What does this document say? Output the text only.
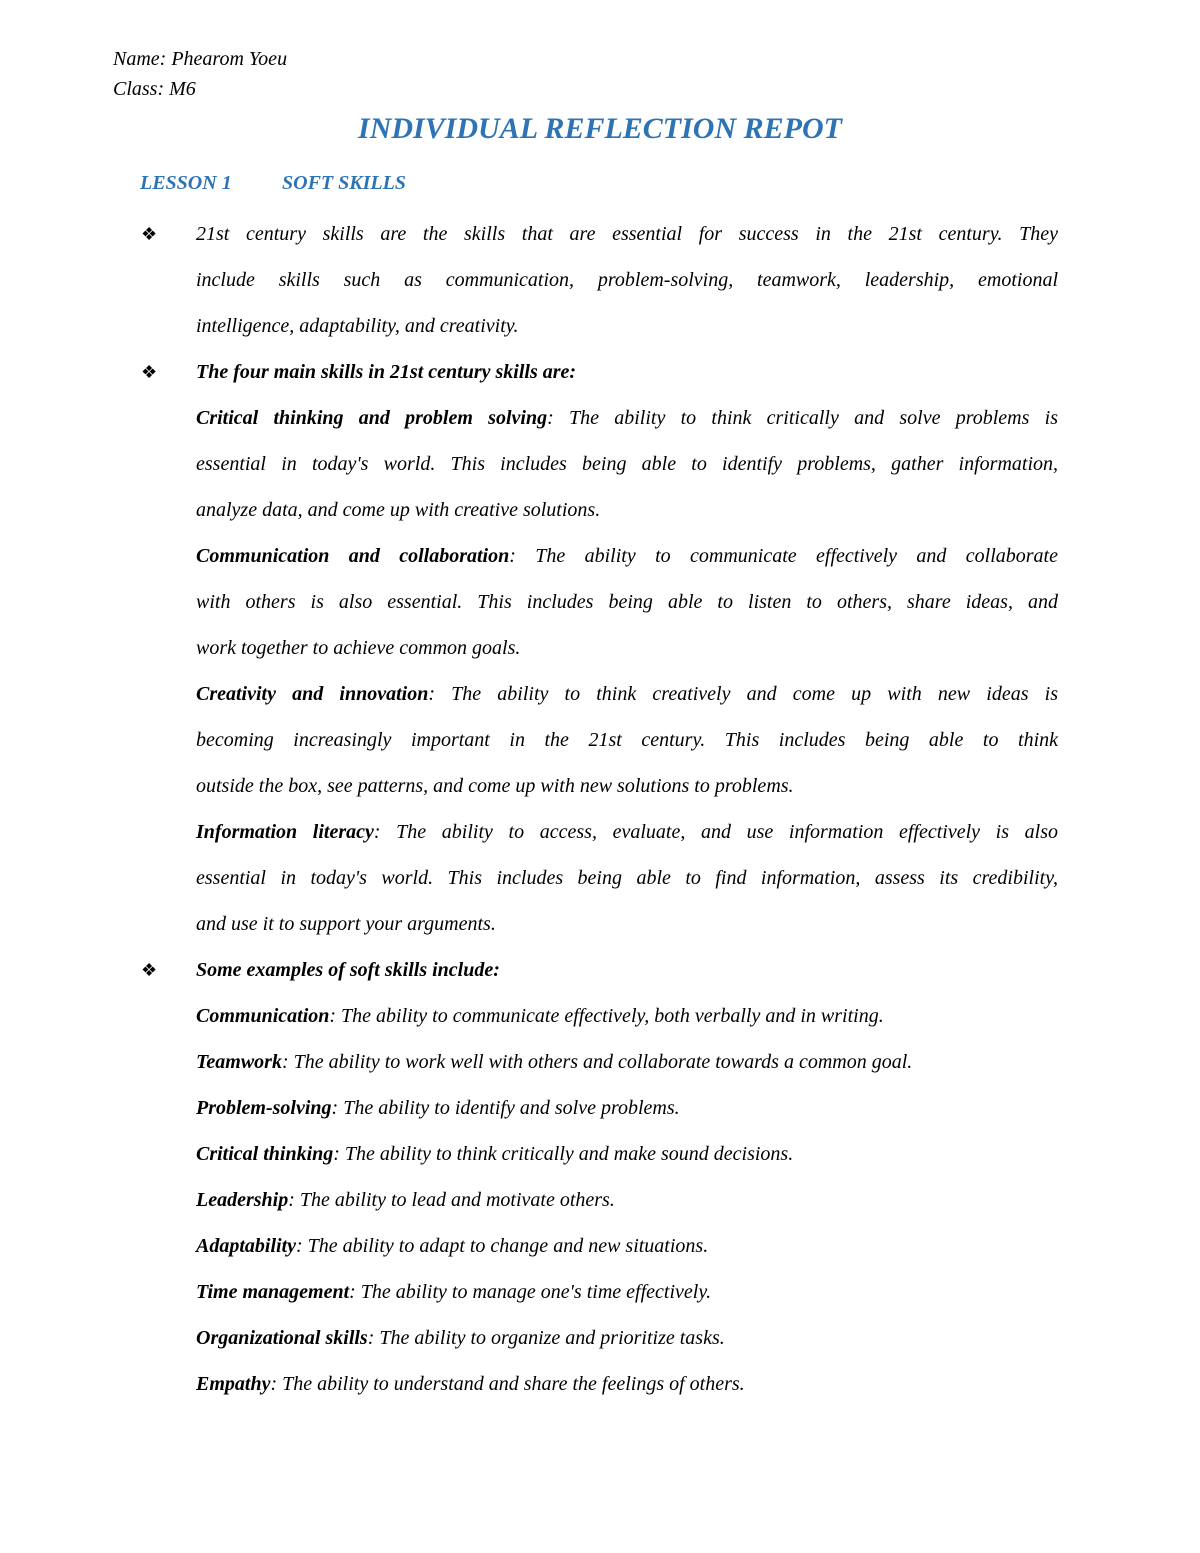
Name: Phearom Yoeu
Class: M6
INDIVIDUAL REFLECTION REPOT
LESSON 1	SOFT SKILLS
❖ 21st century skills are the skills that are essential for success in the 21st century. They
include skills such as communication, problem-solving, teamwork, leadership, emotional
intelligence, adaptability, and creativity.
❖ The four main skills in 21st century skills are:
Critical thinking and problem solving: The ability to think critically and solve problems is
essential in today's world. This includes being able to identify problems, gather information,
analyze data, and come up with creative solutions.
Communication and collaboration: The ability to communicate effectively and collaborate
with others is also essential. This includes being able to listen to others, share ideas, and
work together to achieve common goals.
Creativity and innovation: The ability to think creatively and come up with new ideas is
becoming increasingly important in the 21st century. This includes being able to think
outside the box, see patterns, and come up with new solutions to problems.
Information literacy: The ability to access, evaluate, and use information effectively is also
essential in today's world. This includes being able to find information, assess its credibility,
and use it to support your arguments.
❖ Some examples of soft skills include:
Communication: The ability to communicate effectively, both verbally and in writing.
Teamwork: The ability to work well with others and collaborate towards a common goal.
Problem-solving: The ability to identify and solve problems.
Critical thinking: The ability to think critically and make sound decisions.
Leadership: The ability to lead and motivate others.
Adaptability: The ability to adapt to change and new situations.
Time management: The ability to manage one's time effectively.
Organizational skills: The ability to organize and prioritize tasks.
Empathy: The ability to understand and share the feelings of others.
